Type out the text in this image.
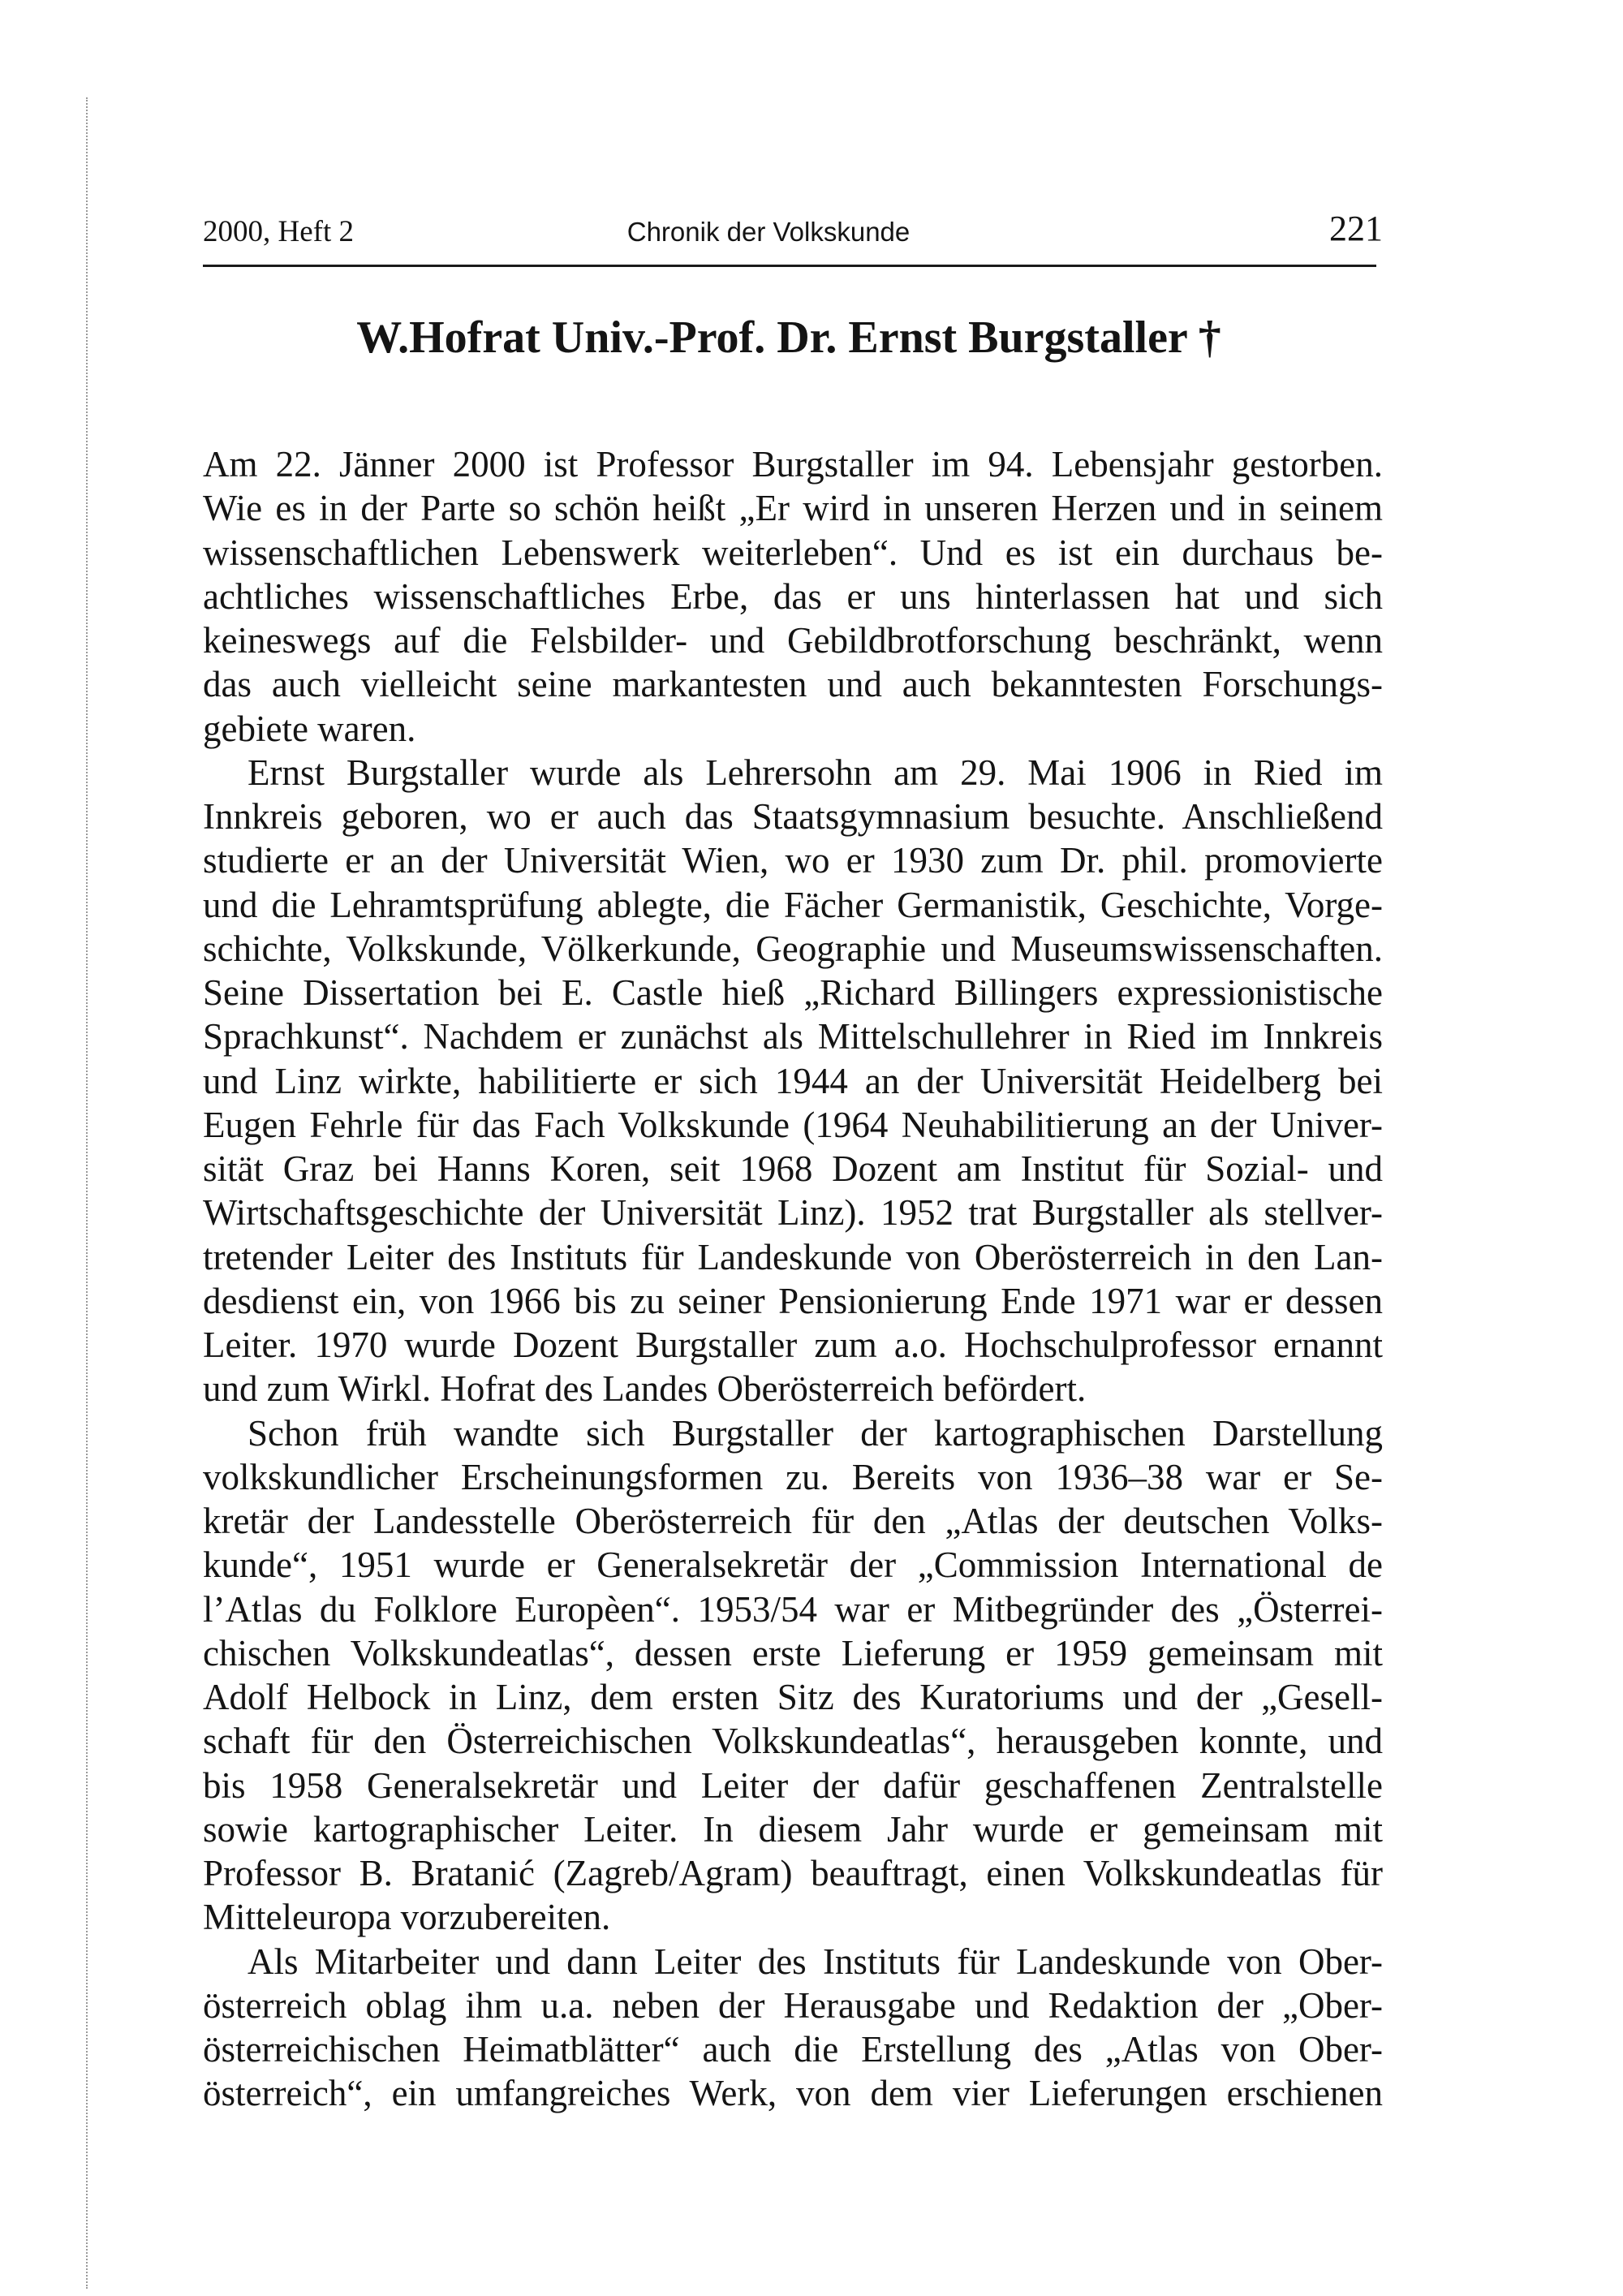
2000, Heft 2	Chronik der Volkskunde	221
W.Hofrat Univ.-Prof. Dr. Ernst Burgstaller †
Am 22. Jänner 2000 ist Professor Burgstaller im 94. Lebensjahr gestorben.
Wie es in der Parte so schön heißt „Er wird in unseren Herzen und in seinem
wissenschaftlichen Lebenswerk weiterleben“. Und es ist ein durchaus be-
achtliches wissenschaftliches Erbe, das er uns hinterlassen hat und sich
keineswegs auf die Felsbilder- und Gebildbrotforschung beschränkt, wenn
das auch vielleicht seine markantesten und auch bekanntesten Forschungs-
gebiete waren.
Ernst Burgstaller wurde als Lehrersohn am 29. Mai 1906 in Ried im
Innkreis geboren, wo er auch das Staatsgymnasium besuchte. Anschließend
studierte er an der Universität Wien, wo er 1930 zum Dr. phil. promovierte
und die Lehramtsprüfung ablegte, die Fächer Germanistik, Geschichte, Vorge-
schichte, Volkskunde, Völkerkunde, Geographie und Museumswissenschaften.
Seine Dissertation bei E. Castle hieß „Richard Billingers expressionistische
Sprachkunst“. Nachdem er zunächst als Mittelschullehrer in Ried im Innkreis
und Linz wirkte, habilitierte er sich 1944 an der Universität Heidelberg bei
Eugen Fehrle für das Fach Volkskunde (1964 Neuhabilitierung an der Univer-
sität Graz bei Hanns Koren, seit 1968 Dozent am Institut für Sozial- und
Wirtschaftsgeschichte der Universität Linz). 1952 trat Burgstaller als stellver-
tretender Leiter des Instituts für Landeskunde von Oberösterreich in den Lan-
desdienst ein, von 1966 bis zu seiner Pensionierung Ende 1971 war er dessen
Leiter. 1970 wurde Dozent Burgstaller zum a.o. Hochschulprofessor ernannt
und zum Wirkl. Hofrat des Landes Oberösterreich befördert.
Schon früh wandte sich Burgstaller der kartographischen Darstellung
volkskundlicher Erscheinungsformen zu. Bereits von 1936–38 war er Se-
kretär der Landesstelle Oberösterreich für den „Atlas der deutschen Volks-
kunde“, 1951 wurde er Generalsekretär der „Commission International de
l’Atlas du Folklore Europèen“. 1953/54 war er Mitbegründer des „Österrei-
chischen Volkskundeatlas“, dessen erste Lieferung er 1959 gemeinsam mit
Adolf Helbock in Linz, dem ersten Sitz des Kuratoriums und der „Gesell-
schaft für den Österreichischen Volkskundeatlas“, herausgeben konnte, und
bis 1958 Generalsekretär und Leiter der dafür geschaffenen Zentralstelle
sowie kartographischer Leiter. In diesem Jahr wurde er gemeinsam mit
Professor B. Bratanić (Zagreb/Agram) beauftragt, einen Volkskundeatlas für
Mitteleuropa vorzubereiten.
Als Mitarbeiter und dann Leiter des Instituts für Landeskunde von Ober-
österreich oblag ihm u.a. neben der Herausgabe und Redaktion der „Ober-
österreichischen Heimatblätter“ auch die Erstellung des „Atlas von Ober-
österreich“, ein umfangreiches Werk, von dem vier Lieferungen erschienen
